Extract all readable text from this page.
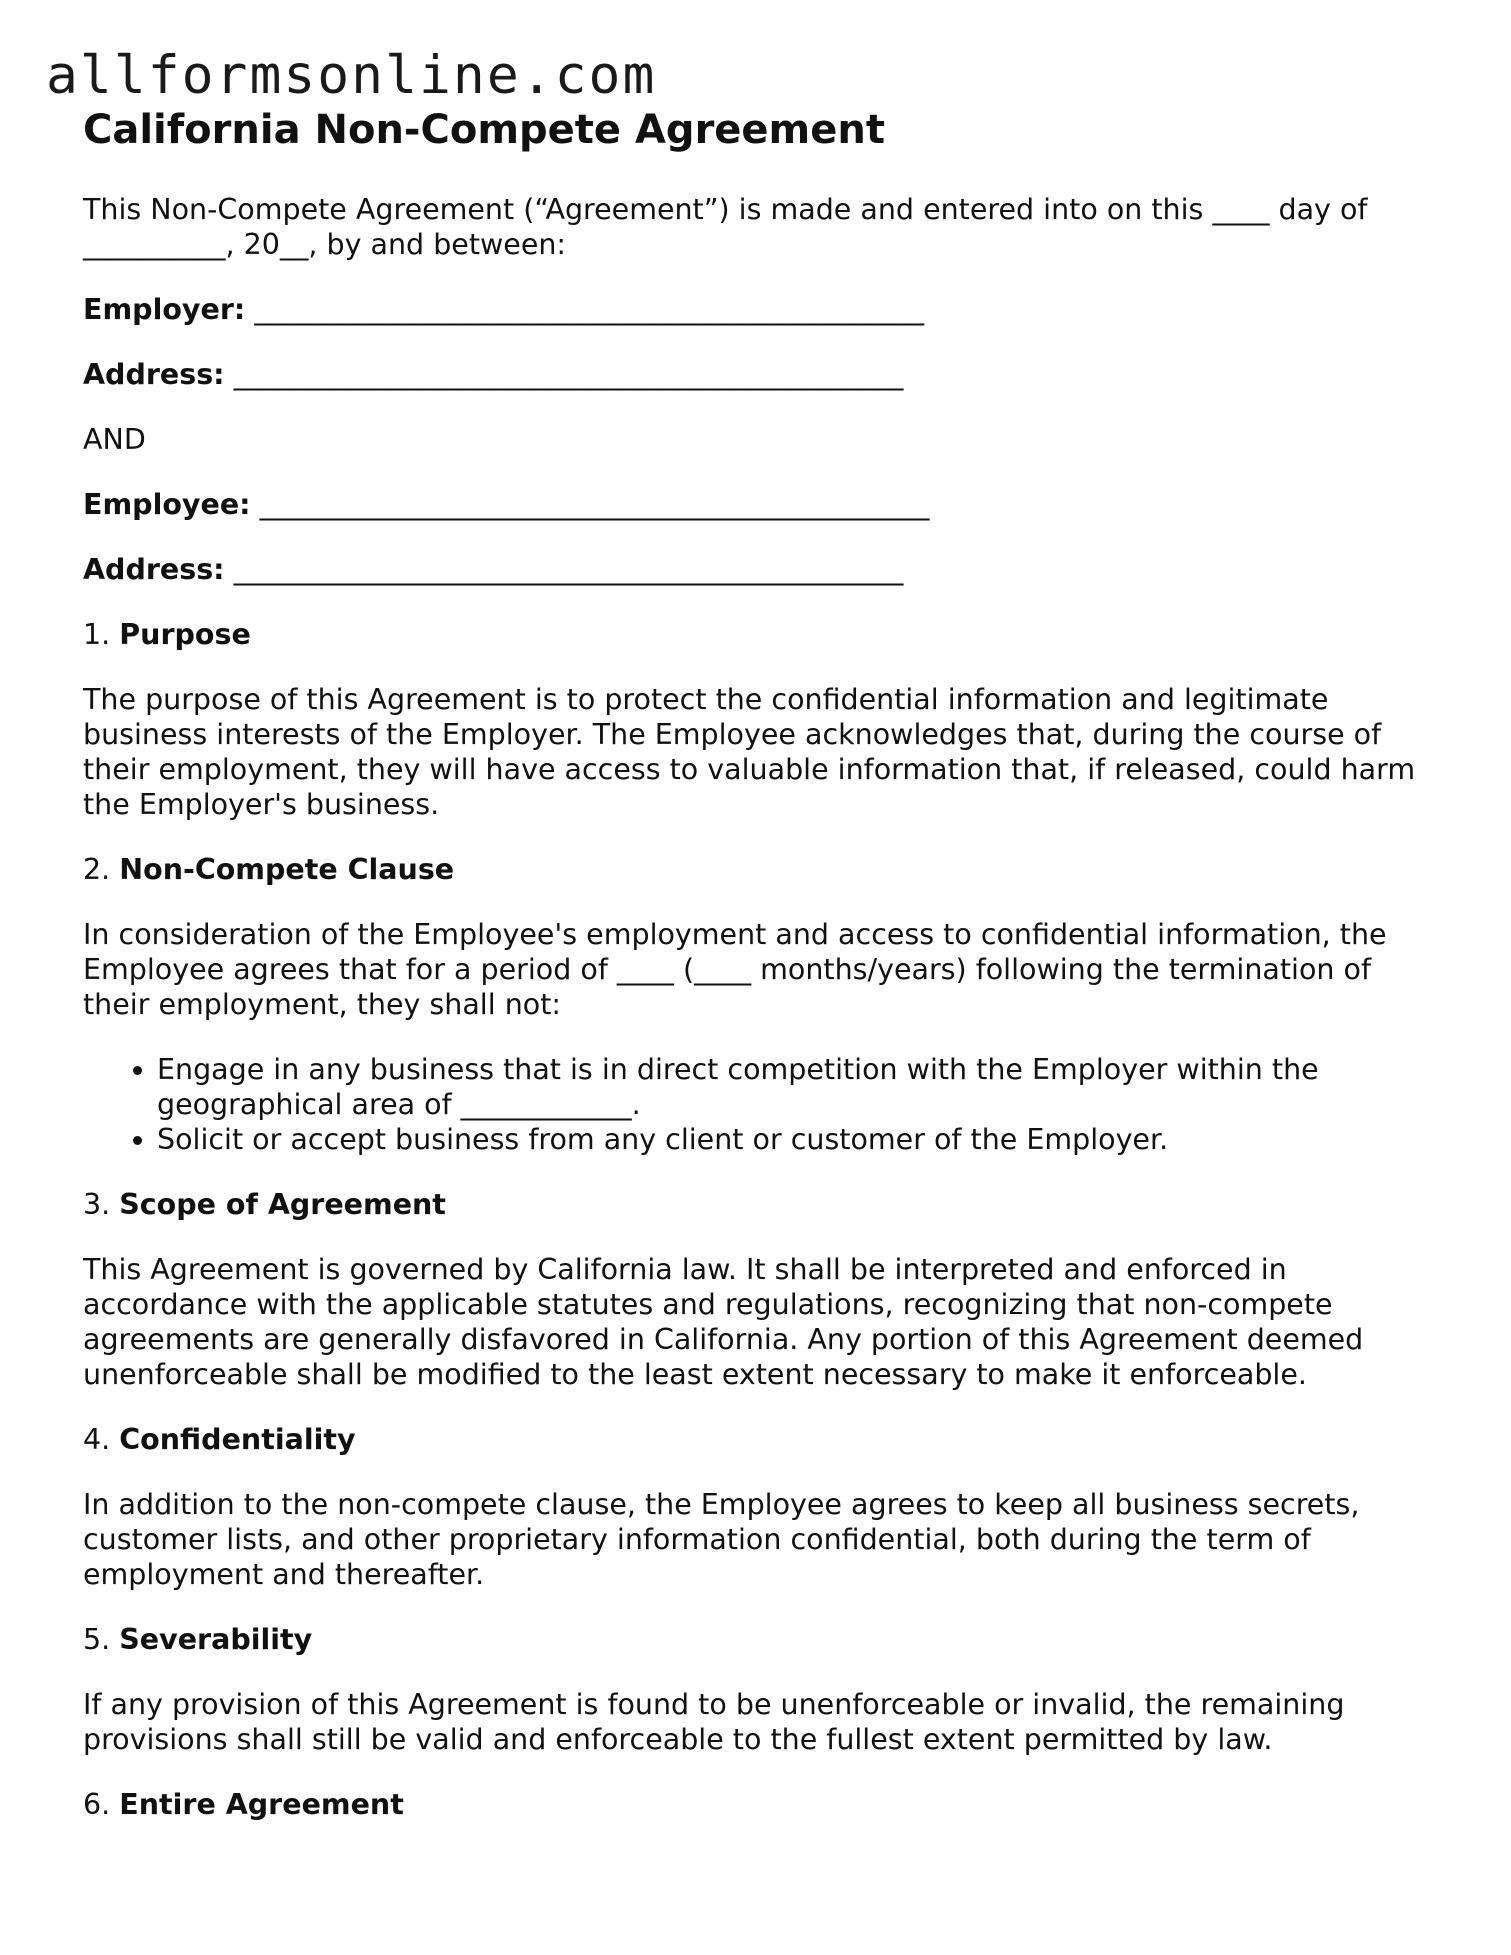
allformsonline.com
California Non-Compete Agreement

This Non-Compete Agreement (“Agreement”) is made and entered into on this ____ day of __________, 20__, by and between:

Employer: _______________________________________________

Address: _______________________________________________

AND

Employee: _______________________________________________

Address: _______________________________________________

1. Purpose

The purpose of this Agreement is to protect the confidential information and legitimate business interests of the Employer. The Employee acknowledges that, during the course of their employment, they will have access to valuable information that, if released, could harm the Employer's business.

2. Non-Compete Clause

In consideration of the Employee's employment and access to confidential information, the Employee agrees that for a period of ____ (____ months/years) following the termination of their employment, they shall not:

• Engage in any business that is in direct competition with the Employer within the geographical area of ____________.
• Solicit or accept business from any client or customer of the Employer.

3. Scope of Agreement

This Agreement is governed by California law. It shall be interpreted and enforced in accordance with the applicable statutes and regulations, recognizing that non-compete agreements are generally disfavored in California. Any portion of this Agreement deemed unenforceable shall be modified to the least extent necessary to make it enforceable.

4. Confidentiality

In addition to the non-compete clause, the Employee agrees to keep all business secrets, customer lists, and other proprietary information confidential, both during the term of employment and thereafter.

5. Severability

If any provision of this Agreement is found to be unenforceable or invalid, the remaining provisions shall still be valid and enforceable to the fullest extent permitted by law.

6. Entire Agreement
